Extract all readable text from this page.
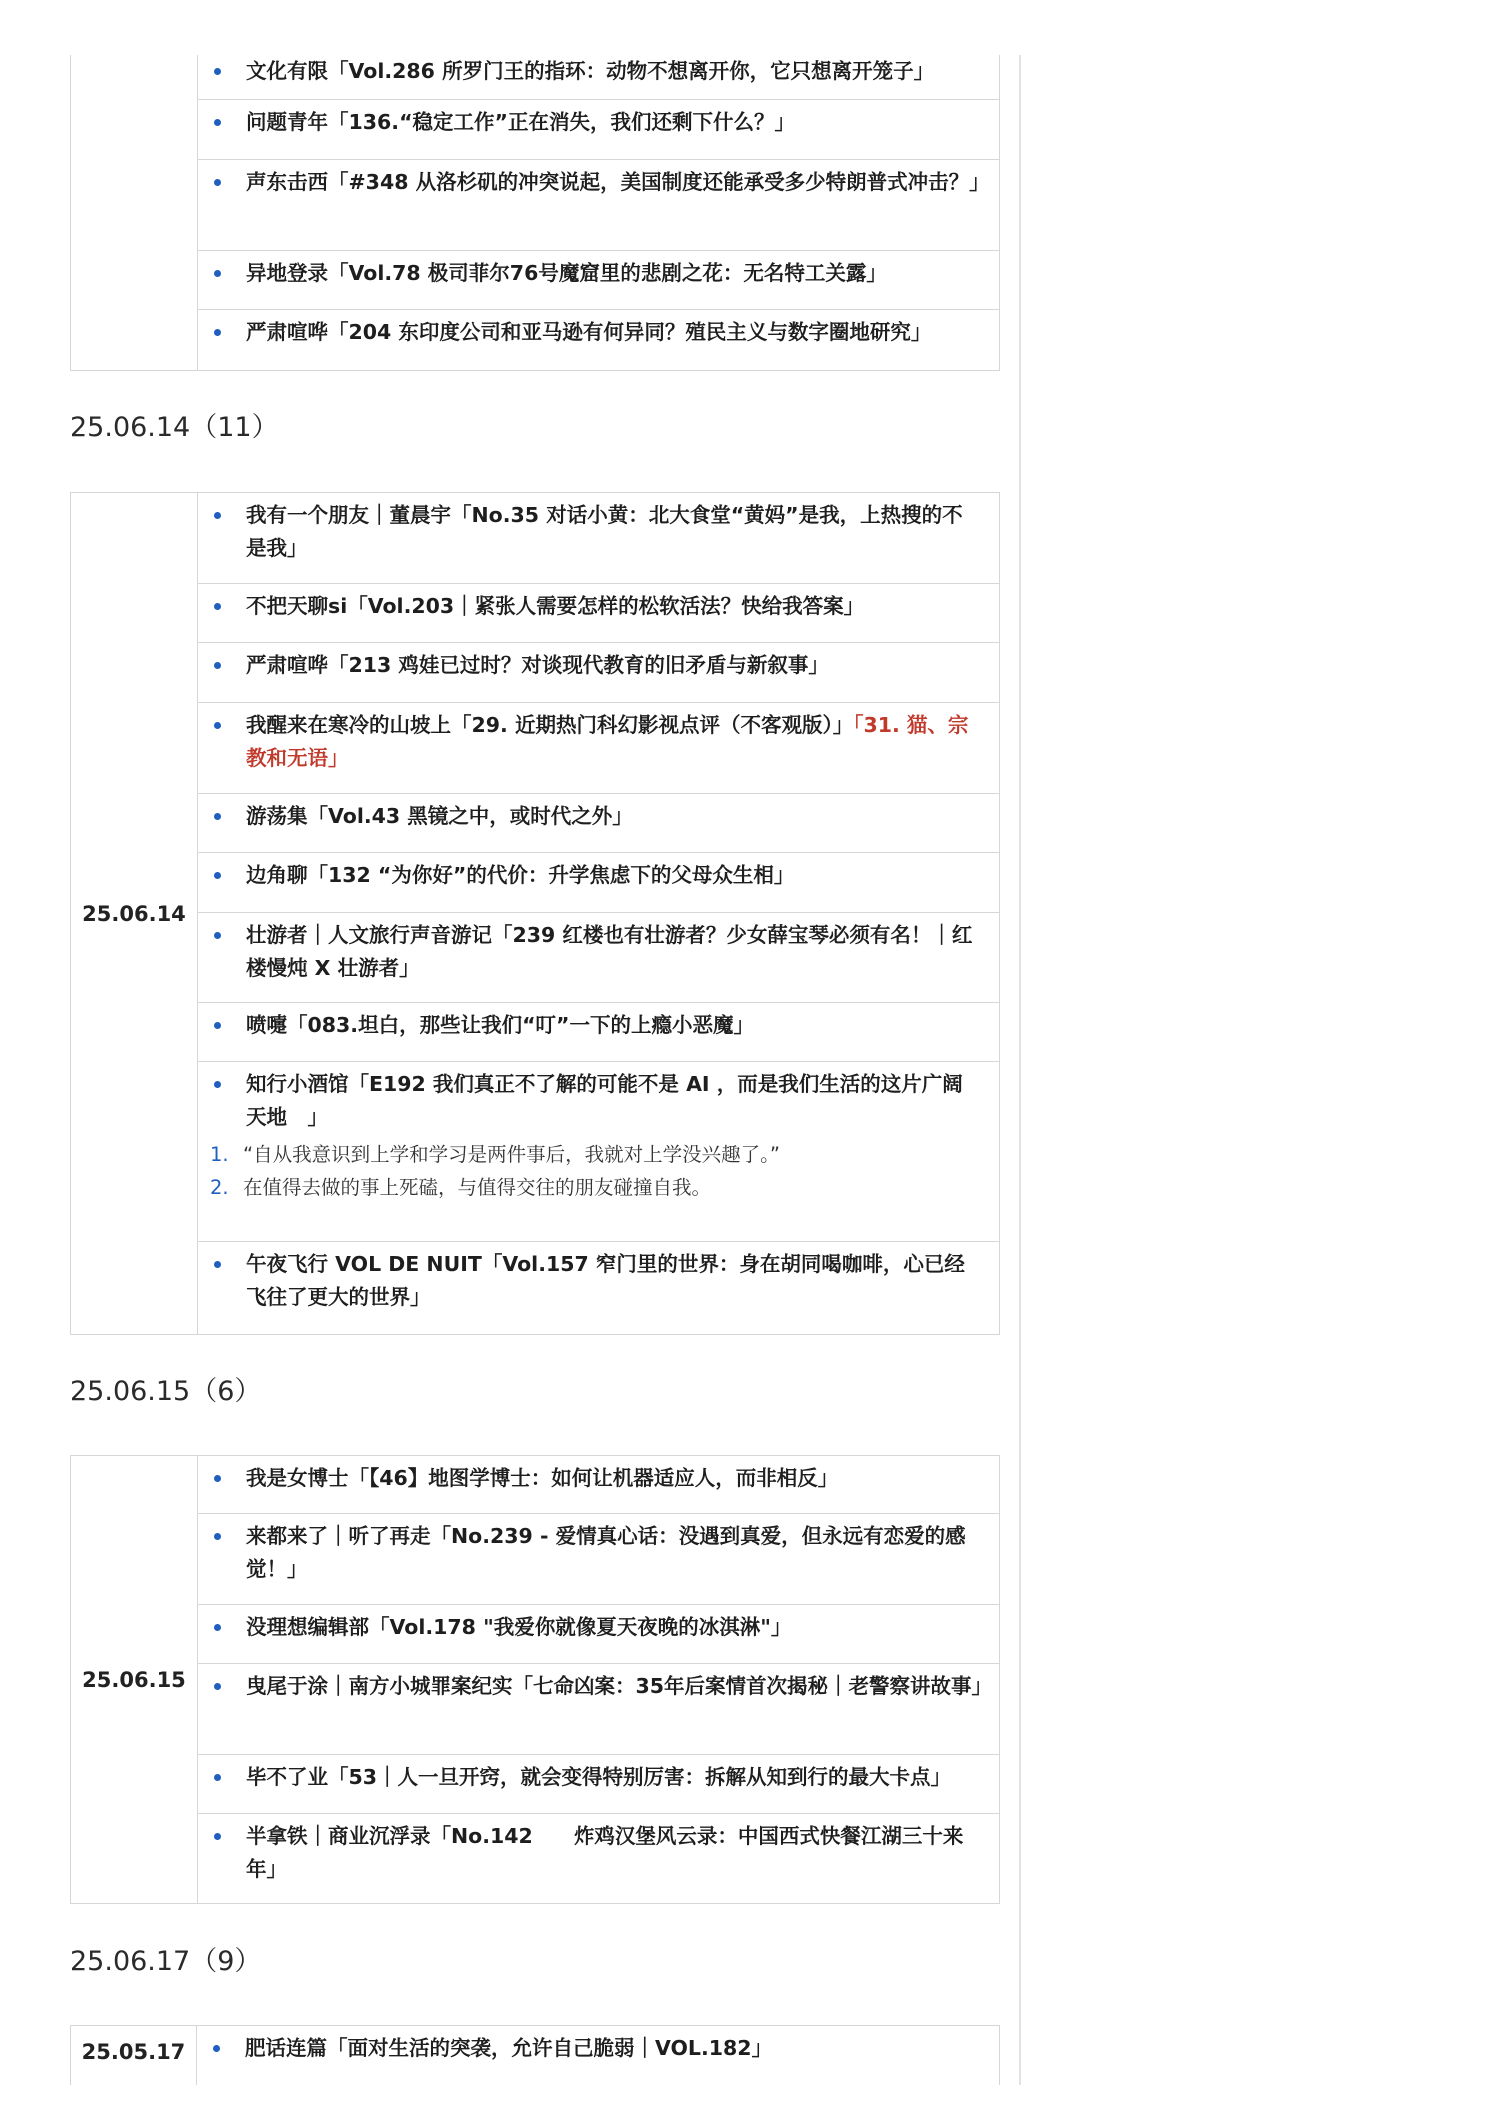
文化有限「Vol.286 所罗门王的指环：动物不想离开你，它只想离开笼子」
问题青年「136.“稳定工作”正在消失，我们还剩下什么？」
声东击西「#348 从洛杉矶的冲突说起，美国制度还能承受多少特朗普式冲击？」
异地登录「Vol.78 极司菲尔76号魔窟里的悲剧之花：无名特工关露」
严肃喧哗「204 东印度公司和亚马逊有何异同？殖民主义与数字圈地研究」
25.06.14（11）
25.06.14
我有一个朋友｜董晨宇「No.35 对话小黄：北大食堂“黄妈”是我，上热搜的不是我」
不把天聊si「Vol.203｜紧张人需要怎样的松软活法？快给我答案」
严肃喧哗「213 鸡娃已过时？对谈现代教育的旧矛盾与新叙事」
我醒来在寒冷的山坡上「29. 近期热门科幻影视点评（不客观版）」「31. 猫、宗教和无语」
游荡集「Vol.43 黑镜之中，或时代之外」
边角聊「132 “为你好”的代价：升学焦虑下的父母众生相」
壮游者｜人文旅行声音游记「239 红楼也有壮游者？少女薛宝琴必须有名！｜红楼慢炖 X 壮游者」
喷嚏「083.坦白，那些让我们“叮”一下的上瘾小恶魔」
知行小酒馆「E192 我们真正不了解的可能不是 AI ，而是我们生活的这片广阔天地　」
1. “自从我意识到上学和学习是两件事后，我就对上学没兴趣了。”
2. 在值得去做的事上死磕，与值得交往的朋友碰撞自我。
午夜飞行 VOL DE NUIT「Vol.157 窄门里的世界：身在胡同喝咖啡，心已经飞往了更大的世界」
25.06.15（6）
25.06.15
我是女博士「【46】地图学博士：如何让机器适应人，而非相反」
来都来了｜听了再走「No.239 - 爱情真心话：没遇到真爱，但永远有恋爱的感觉！」
没理想编辑部「Vol.178 "我爱你就像夏天夜晚的冰淇淋"」
曳尾于涂｜南方小城罪案纪实「七命凶案：35年后案情首次揭秘｜老警察讲故事」
毕不了业「53｜人一旦开窍，就会变得特别厉害：拆解从知到行的最大卡点」
半拿铁｜商业沉浮录「No.142　　炸鸡汉堡风云录：中国西式快餐江湖三十来年」
25.06.17（9）
25.05.17	肥话连篇「面对生活的突袭，允许自己脆弱｜VOL.182」
